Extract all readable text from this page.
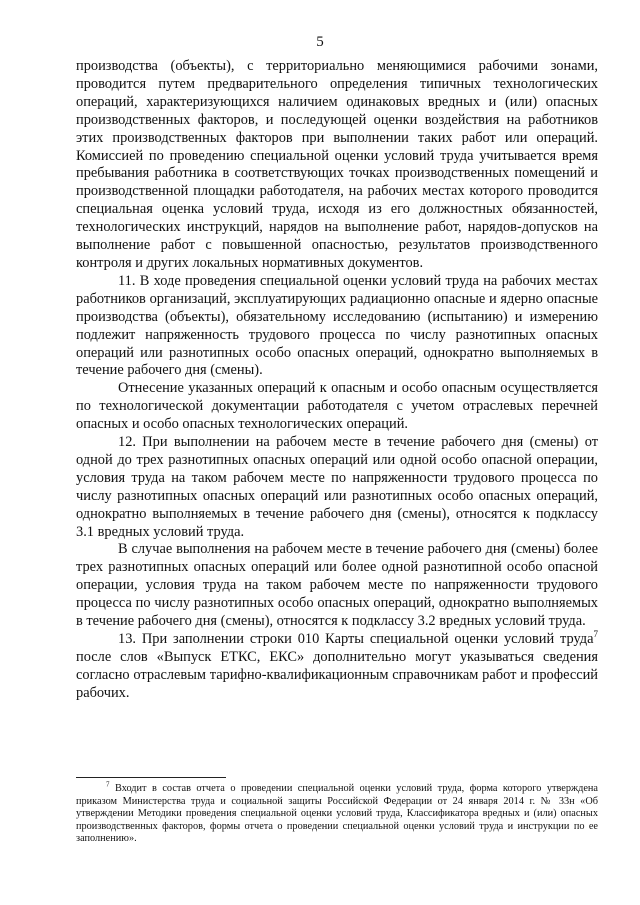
5

производства (объекты), с территориально меняющимися рабочими зонами, проводится путем предварительного определения типичных технологических операций, характеризующихся наличием одинаковых вредных и (или) опасных производственных факторов, и последующей оценки воздействия на работников этих производственных факторов при выполнении таких работ или операций. Комиссией по проведению специальной оценки условий труда учитывается время пребывания работника в соответствующих точках производственных помещений и производственной площадки работодателя, на рабочих местах которого проводится специальная оценка условий труда, исходя из его должностных обязанностей, технологических инструкций, нарядов на выполнение работ, нарядов-допусков на выполнение работ с повышенной опасностью, результатов производственного контроля и других локальных нормативных документов.

11. В ходе проведения специальной оценки условий труда на рабочих местах работников организаций, эксплуатирующих радиационно опасные и ядерно опасные производства (объекты), обязательному исследованию (испытанию) и измерению подлежит напряженность трудового процесса по числу разнотипных опасных операций или разнотипных особо опасных операций, однократно выполняемых в течение рабочего дня (смены).

Отнесение указанных операций к опасным и особо опасным осуществляется по технологической документации работодателя с учетом отраслевых перечней опасных и особо опасных технологических операций.

12. При выполнении на рабочем месте в течение рабочего дня (смены) от одной до трех разнотипных опасных операций или одной особо опасной операции, условия труда на таком рабочем месте по напряженности трудового процесса по числу разнотипных опасных операций или разнотипных особо опасных операций, однократно выполняемых в течение рабочего дня (смены), относятся к подклассу 3.1 вредных условий труда.

В случае выполнения на рабочем месте в течение рабочего дня (смены) более трех разнотипных опасных операций или более одной разнотипной особо опасной операции, условия труда на таком рабочем месте по напряженности трудового процесса по числу разнотипных особо опасных операций, однократно выполняемых в течение рабочего дня (смены), относятся к подклассу 3.2 вредных условий труда.

13. При заполнении строки 010 Карты специальной оценки условий труда$^7$ после слов «Выпуск ЕТКС, ЕКС» дополнительно могут указываться сведения согласно отраслевым тарифно-квалификационным справочникам работ и профессий рабочих.

$^7$ Входит в состав отчета о проведении специальной оценки условий труда, форма которого утверждена приказом Министерства труда и социальной защиты Российской Федерации от 24 января 2014 г. № 33н «Об утверждении Методики проведения специальной оценки условий труда, Классификатора вредных и (или) опасных производственных факторов, формы отчета о проведении специальной оценки условий труда и инструкции по ее заполнению».
